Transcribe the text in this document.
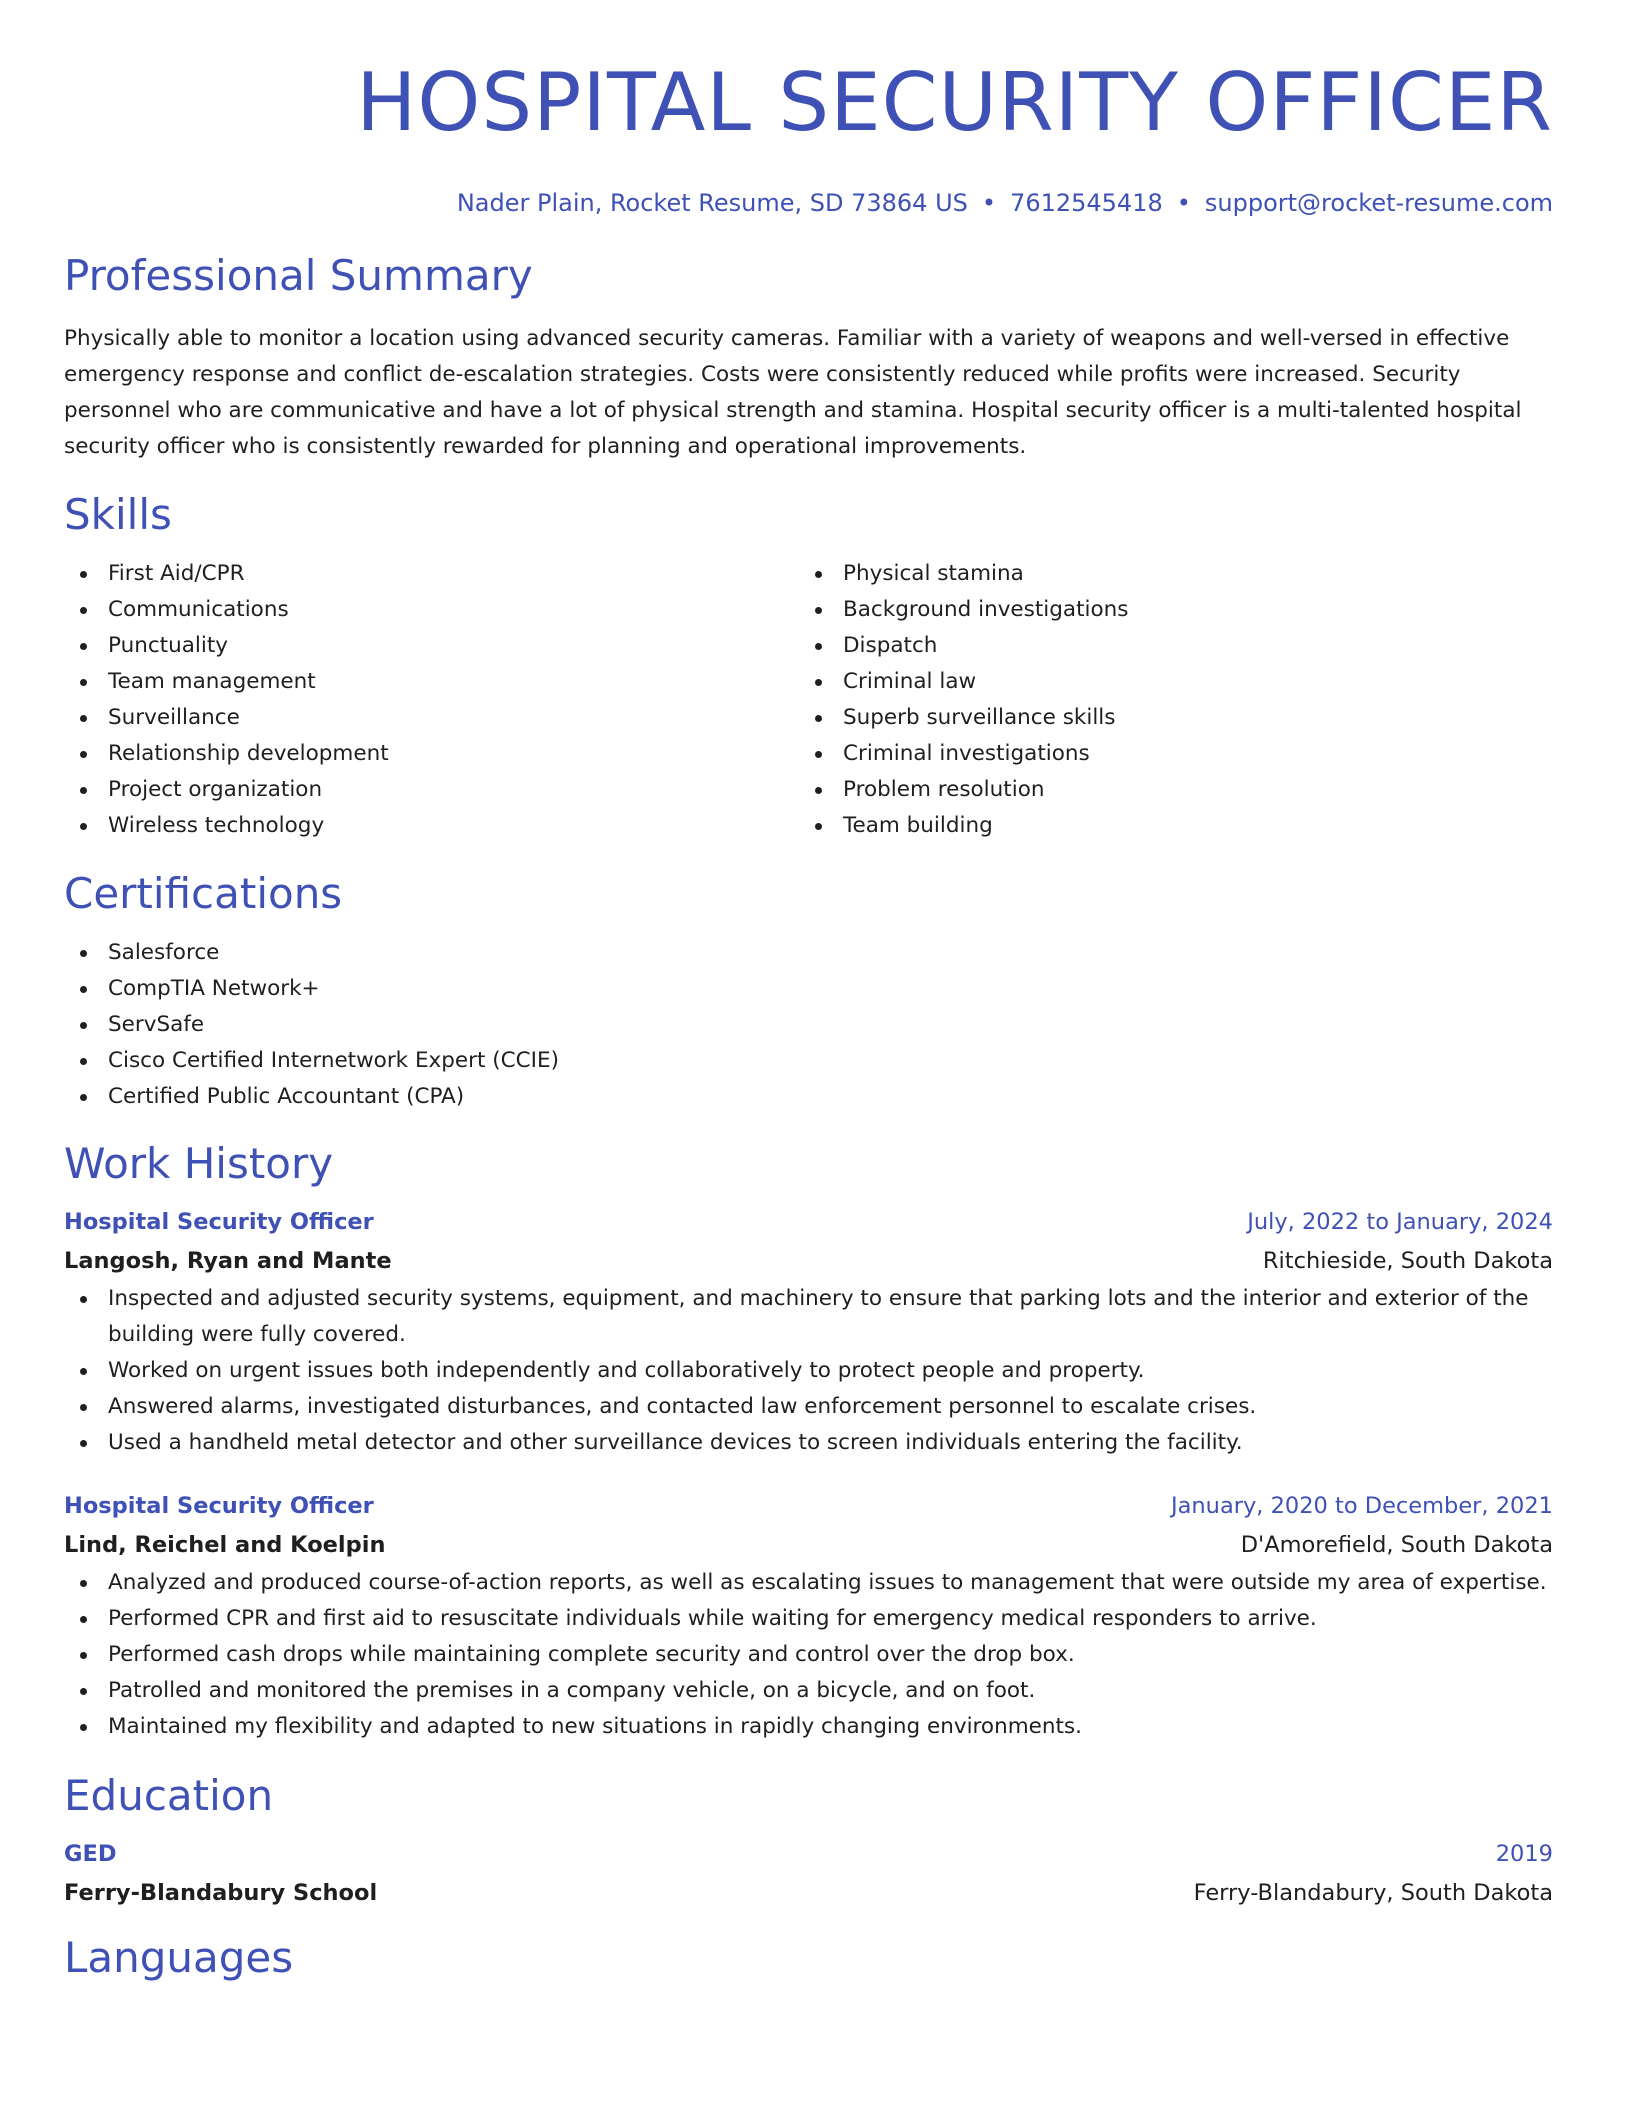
HOSPITAL SECURITY OFFICER
Nader Plain, Rocket Resume, SD 73864 US • 7612545418 • support@rocket-resume.com
Professional Summary
Physically able to monitor a location using advanced security cameras. Familiar with a variety of weapons and well-versed in effective emergency response and conflict de-escalation strategies. Costs were consistently reduced while profits were increased. Security personnel who are communicative and have a lot of physical strength and stamina. Hospital security officer is a multi-talented hospital security officer who is consistently rewarded for planning and operational improvements.
Skills
First Aid/CPR
Communications
Punctuality
Team management
Surveillance
Relationship development
Project organization
Wireless technology
Physical stamina
Background investigations
Dispatch
Criminal law
Superb surveillance skills
Criminal investigations
Problem resolution
Team building
Certifications
Salesforce
CompTIA Network+
ServSafe
Cisco Certified Internetwork Expert (CCIE)
Certified Public Accountant (CPA)
Work History
Hospital Security Officer	July, 2022 to January, 2024
Langosh, Ryan and Mante	Ritchieside, South Dakota
Inspected and adjusted security systems, equipment, and machinery to ensure that parking lots and the interior and exterior of the building were fully covered.
Worked on urgent issues both independently and collaboratively to protect people and property.
Answered alarms, investigated disturbances, and contacted law enforcement personnel to escalate crises.
Used a handheld metal detector and other surveillance devices to screen individuals entering the facility.
Hospital Security Officer	January, 2020 to December, 2021
Lind, Reichel and Koelpin	D'Amorefield, South Dakota
Analyzed and produced course-of-action reports, as well as escalating issues to management that were outside my area of expertise.
Performed CPR and first aid to resuscitate individuals while waiting for emergency medical responders to arrive.
Performed cash drops while maintaining complete security and control over the drop box.
Patrolled and monitored the premises in a company vehicle, on a bicycle, and on foot.
Maintained my flexibility and adapted to new situations in rapidly changing environments.
Education
GED	2019
Ferry-Blandabury School	Ferry-Blandabury, South Dakota
Languages
